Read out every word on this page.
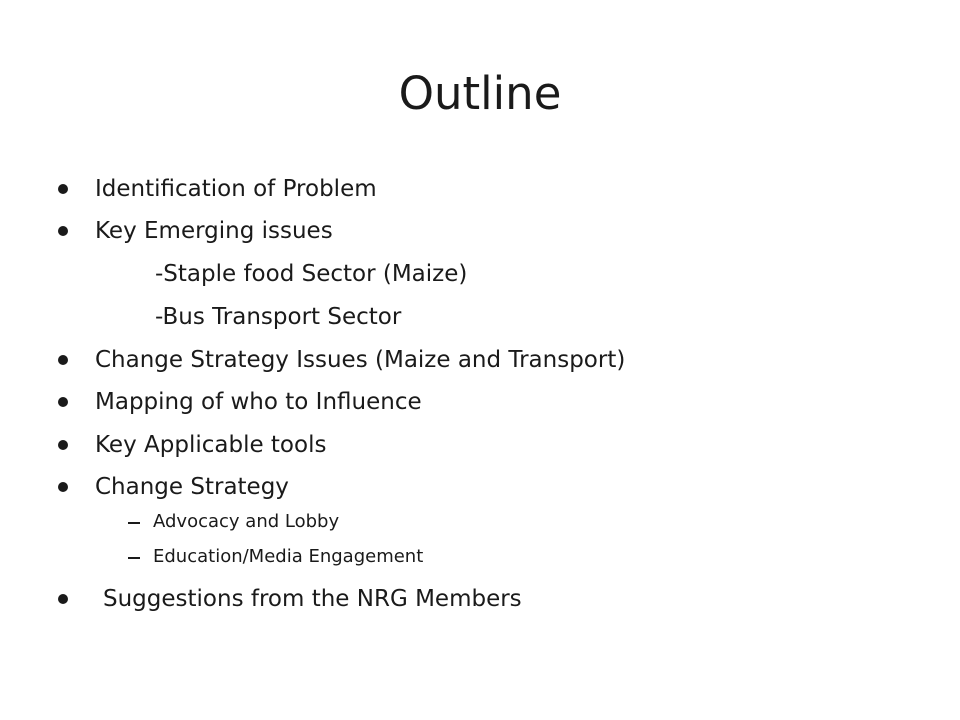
Outline
Identification of Problem
Key Emerging issues
-Staple food Sector (Maize)
-Bus Transport Sector
Change Strategy Issues (Maize and Transport)
Mapping of who to Influence
Key Applicable tools
Change Strategy
Advocacy and Lobby
Education/Media Engagement
Suggestions from the NRG Members
